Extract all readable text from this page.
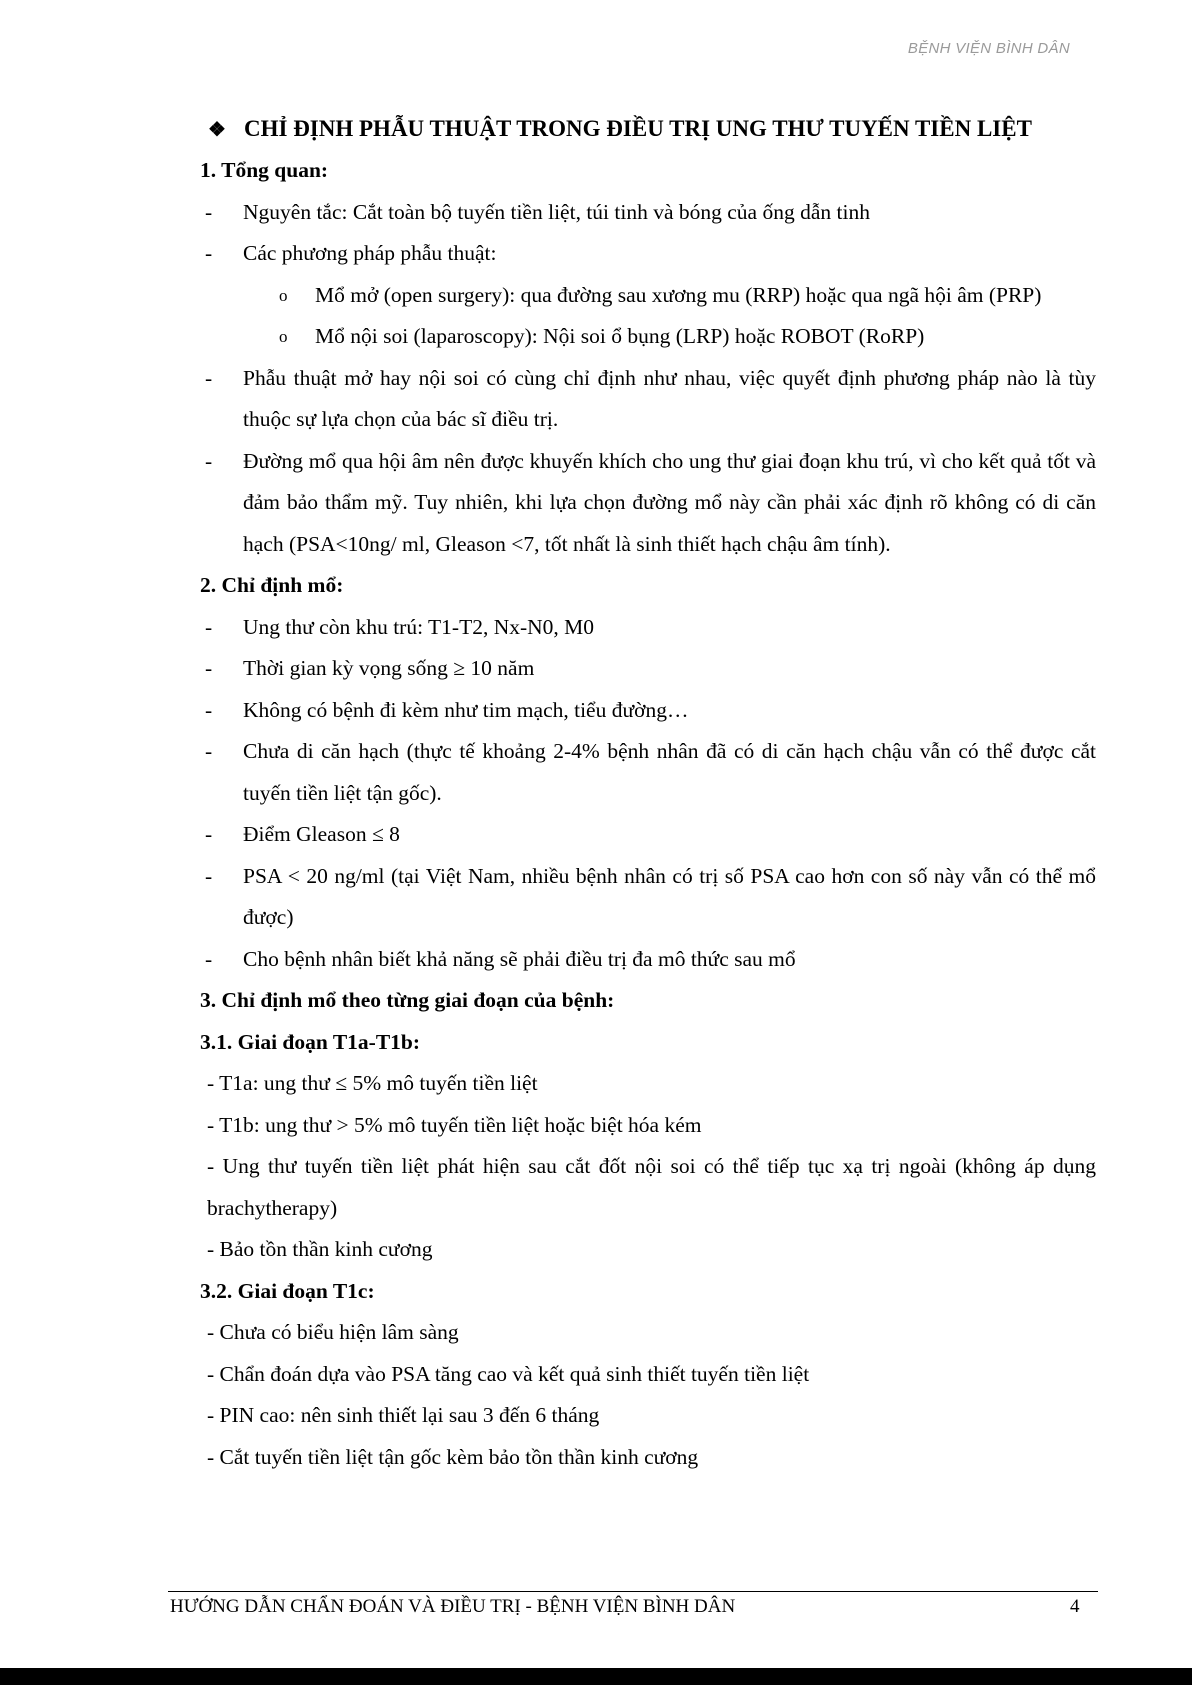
BỆNH VIỆN BÌNH DÂN
❖ CHỈ ĐỊNH PHẪU THUẬT TRONG ĐIỀU TRỊ UNG THƯ TUYẾN TIỀN LIỆT
1. Tổng quan:
-	Nguyên tắc: Cắt toàn bộ tuyến tiền liệt, túi tinh và bóng của ống dẫn tinh
-	Các phương pháp phẫu thuật:
o	Mổ mở (open surgery): qua đường sau xương mu (RRP) hoặc qua ngã hội âm (PRP)
o	Mổ nội soi (laparoscopy): Nội soi ổ bụng (LRP) hoặc ROBOT (RoRP)
-	Phẫu thuật mở hay nội soi có cùng chỉ định như nhau, việc quyết định phương pháp nào là tùy thuộc sự lựa chọn của bác sĩ điều trị.
-	Đường mổ qua hội âm nên được khuyến khích cho ung thư giai đoạn khu trú, vì cho kết quả tốt và đảm bảo thẩm mỹ. Tuy nhiên, khi lựa chọn đường mổ này cần phải xác định rõ không có di căn hạch (PSA<10ng/ ml, Gleason <7, tốt nhất là sinh thiết hạch chậu âm tính).
2. Chỉ định mổ:
-	Ung thư còn khu trú: T1-T2, Nx-N0, M0
-	Thời gian kỳ vọng sống ≥ 10 năm
-	Không có bệnh đi kèm như tim mạch, tiểu đường…
-	Chưa di căn hạch (thực tế khoảng 2-4% bệnh nhân đã có di căn hạch chậu vẫn có thể được cắt tuyến tiền liệt tận gốc).
-	Điểm Gleason ≤ 8
-	PSA < 20 ng/ml (tại Việt Nam, nhiều bệnh nhân có trị số PSA cao hơn con số này vẫn có thể mổ được)
-	Cho bệnh nhân biết khả năng sẽ phải điều trị đa mô thức sau mổ
3. Chỉ định mổ theo từng giai đoạn của bệnh:
3.1. Giai đoạn T1a-T1b:
- T1a: ung thư ≤ 5% mô tuyến tiền liệt
- T1b: ung thư > 5% mô tuyến tiền liệt hoặc biệt hóa kém
- Ung thư tuyến tiền liệt phát hiện sau cắt đốt nội soi có thể tiếp tục xạ trị ngoài (không áp dụng brachytherapy)
- Bảo tồn thần kinh cương
3.2. Giai đoạn T1c:
- Chưa có biểu hiện lâm sàng
- Chẩn đoán dựa vào PSA tăng cao và kết quả sinh thiết tuyến tiền liệt
- PIN cao: nên sinh thiết lại sau 3 đến 6 tháng
- Cắt tuyến tiền liệt tận gốc kèm bảo tồn thần kinh cương
HƯỚNG DẪN CHẨN ĐOÁN VÀ ĐIỀU TRỊ - BỆNH VIỆN BÌNH DÂN	4
